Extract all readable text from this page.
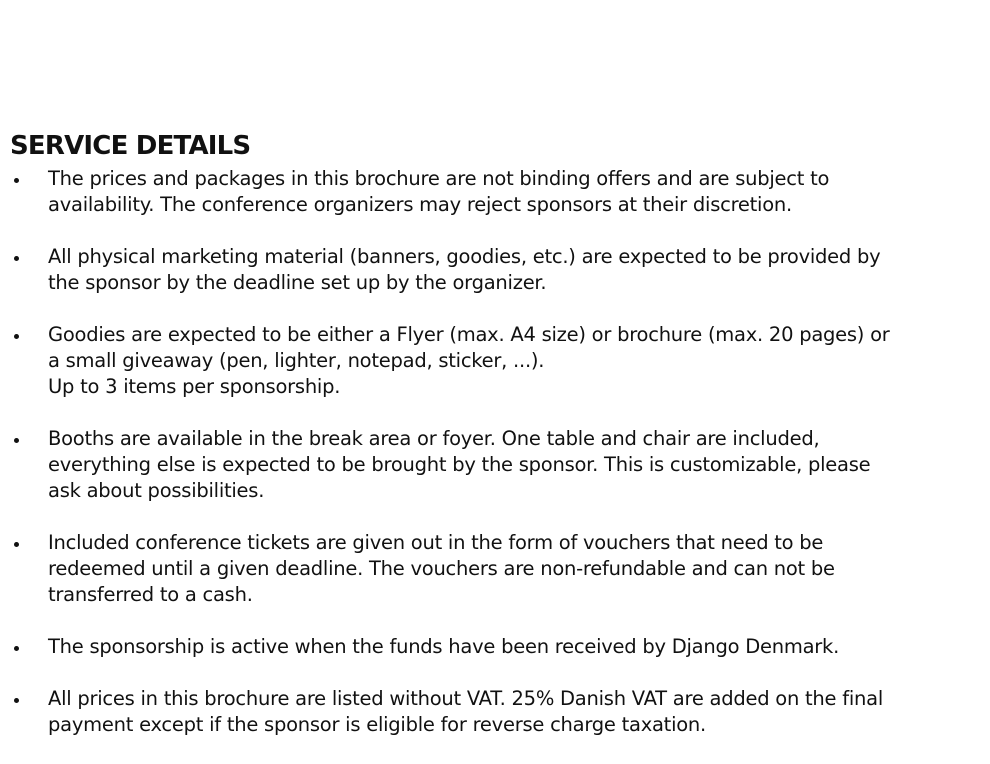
SERVICE DETAILS
The prices and packages in this brochure are not binding offers and are subject to
availability. The conference organizers may reject sponsors at their discretion.
All physical marketing material (banners, goodies, etc.) are expected to be provided by
the sponsor by the deadline set up by the organizer.
Goodies are expected to be either a Flyer (max. A4 size) or brochure (max. 20 pages) or
a small giveaway (pen, lighter, notepad, sticker, ...).
Up to 3 items per sponsorship.
Booths are available in the break area or foyer. One table and chair are included,
everything else is expected to be brought by the sponsor. This is customizable, please
ask about possibilities.
Included conference tickets are given out in the form of vouchers that need to be
redeemed until a given deadline. The vouchers are non-refundable and can not be
transferred to a cash.
The sponsorship is active when the funds have been received by Django Denmark.
All prices in this brochure are listed without VAT. 25% Danish VAT are added on the final
payment except if the sponsor is eligible for reverse charge taxation.
